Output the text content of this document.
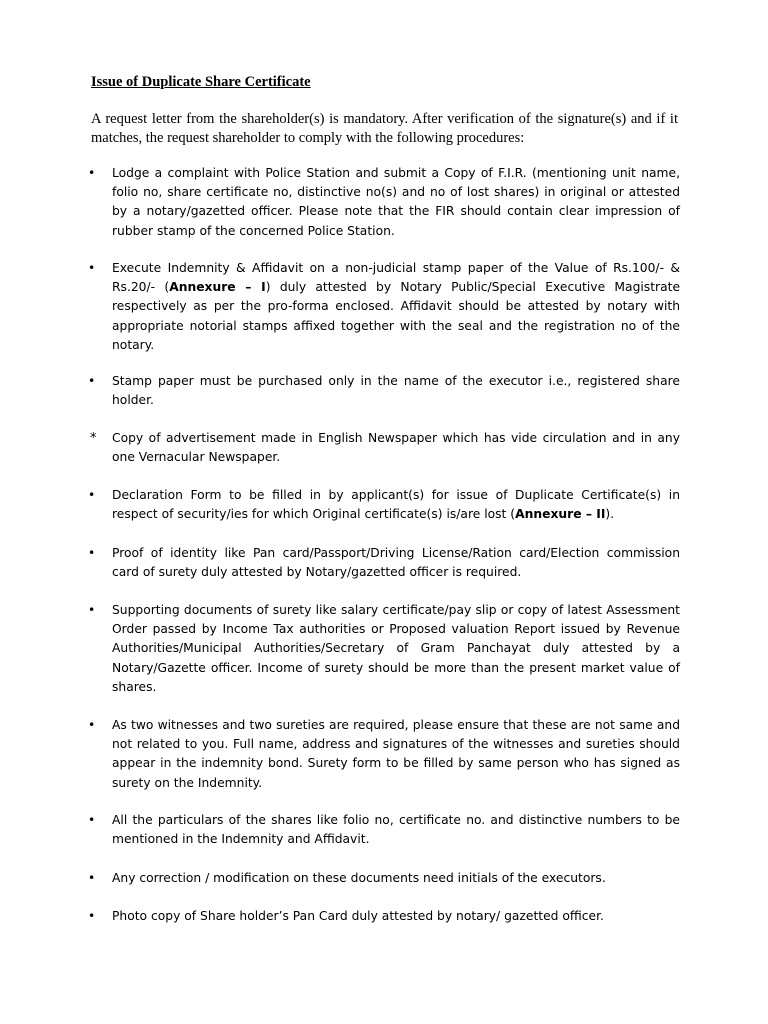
Issue of Duplicate Share Certificate
A request letter from the shareholder(s) is mandatory. After verification of the signature(s) and if it matches, the request shareholder to comply with the following procedures:
•	Lodge a complaint with Police Station and submit a Copy of F.I.R. (mentioning unit name, folio no, share certificate no, distinctive no(s) and no of lost shares) in original or attested by a notary/gazetted officer. Please note that the FIR should contain clear impression of rubber stamp of the concerned Police Station.
•	Execute Indemnity & Affidavit on a non-judicial stamp paper of the Value of Rs.100/- & Rs.20/- (Annexure – I) duly attested by Notary Public/Special Executive Magistrate respectively as per the pro-forma enclosed. Affidavit should be attested by notary with appropriate notorial stamps affixed together with the seal and the registration no of the notary.
•	Stamp paper must be purchased only in the name of the executor i.e., registered share holder.
*	Copy of advertisement made in English Newspaper which has vide circulation and in any one Vernacular Newspaper.
•	Declaration Form to be filled in by applicant(s) for issue of Duplicate Certificate(s) in respect of security/ies for which Original certificate(s) is/are lost (Annexure – II).
•	Proof of identity like Pan card/Passport/Driving License/Ration card/Election commission card of surety duly attested by Notary/gazetted officer is required.
•	Supporting documents of surety like salary certificate/pay slip or copy of latest Assessment Order passed by Income Tax authorities or Proposed valuation Report issued by Revenue Authorities/Municipal Authorities/Secretary of Gram Panchayat duly attested by a Notary/Gazette officer. Income of surety should be more than the present market value of shares.
•	As two witnesses and two sureties are required, please ensure that these are not same and not related to you. Full name, address and signatures of the witnesses and sureties should appear in the indemnity bond. Surety form to be filled by same person who has signed as surety on the Indemnity.
•	All the particulars of the shares like folio no, certificate no. and distinctive numbers to be mentioned in the Indemnity and Affidavit.
•	Any correction / modification on these documents need initials of the executors.
•	Photo copy of Share holder’s Pan Card duly attested by notary/ gazetted officer.
